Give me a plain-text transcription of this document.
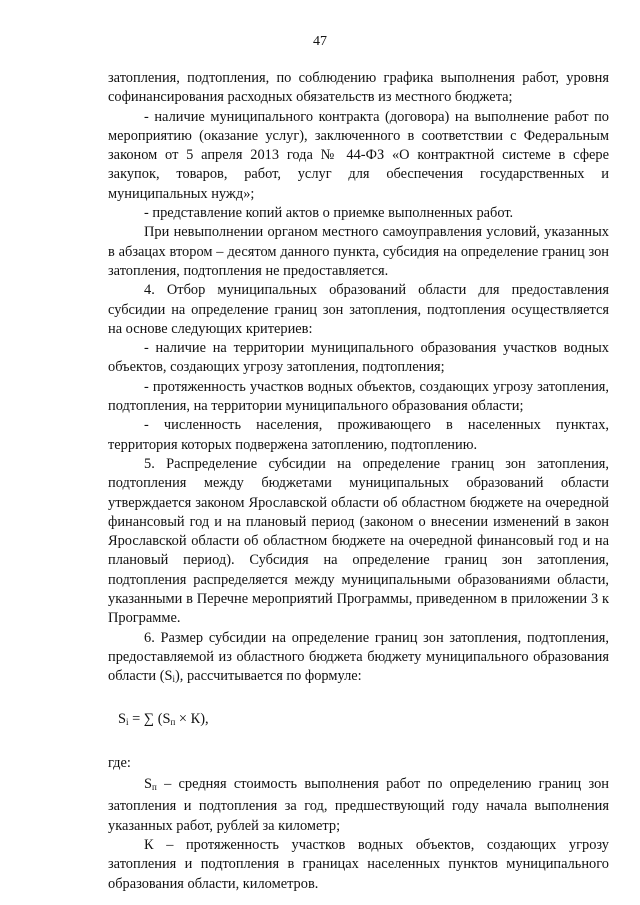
47

затопления, подтопления, по соблюдению графика выполнения работ, уровня софинансирования расходных обязательств из местного бюджета;

- наличие муниципального контракта (договора) на выполнение работ по мероприятию (оказание услуг), заключенного в соответствии с Федеральным законом от 5 апреля 2013 года № 44-ФЗ «О контрактной системе в сфере закупок, товаров, работ, услуг для обеспечения государственных и муниципальных нужд»;

- представление копий актов о приемке выполненных работ.

При невыполнении органом местного самоуправления условий, указанных в абзацах втором – десятом данного пункта, субсидия на определение границ зон затопления, подтопления не предоставляется.

4. Отбор муниципальных образований области для предоставления субсидии на определение границ зон затопления, подтопления осуществляется на основе следующих критериев:

- наличие на территории муниципального образования участков водных объектов, создающих угрозу затопления, подтопления;

- протяженность участков водных объектов, создающих угрозу затопления, подтопления, на территории муниципального образования области;

- численность населения, проживающего в населенных пунктах, территория которых подвержена затоплению, подтоплению.

5. Распределение субсидии на определение границ зон затопления, подтопления между бюджетами муниципальных образований области утверждается законом Ярославской области об областном бюджете на очередной финансовый год и на плановый период (законом о внесении изменений в закон Ярославской области об областном бюджете на очередной финансовый год и на плановый период). Субсидия на определение границ зон затопления, подтопления распределяется между муниципальными образованиями области, указанными в Перечне мероприятий Программы, приведенном в приложении 3 к Программе.

6. Размер субсидии на определение границ зон затопления, подтопления, предоставляемой из областного бюджета бюджету муниципального образования области $(S_i)$, рассчитывается по формуле:

$S_i$ = ∑ $(S_п \times К)$,

где:

$S_п$ – средняя стоимость выполнения работ по определению границ зон затопления и подтопления за год, предшествующий году начала выполнения указанных работ, рублей за километр;

К – протяженность участков водных объектов, создающих угрозу затопления и подтопления в границах населенных пунктов муниципального образования области, километров.
